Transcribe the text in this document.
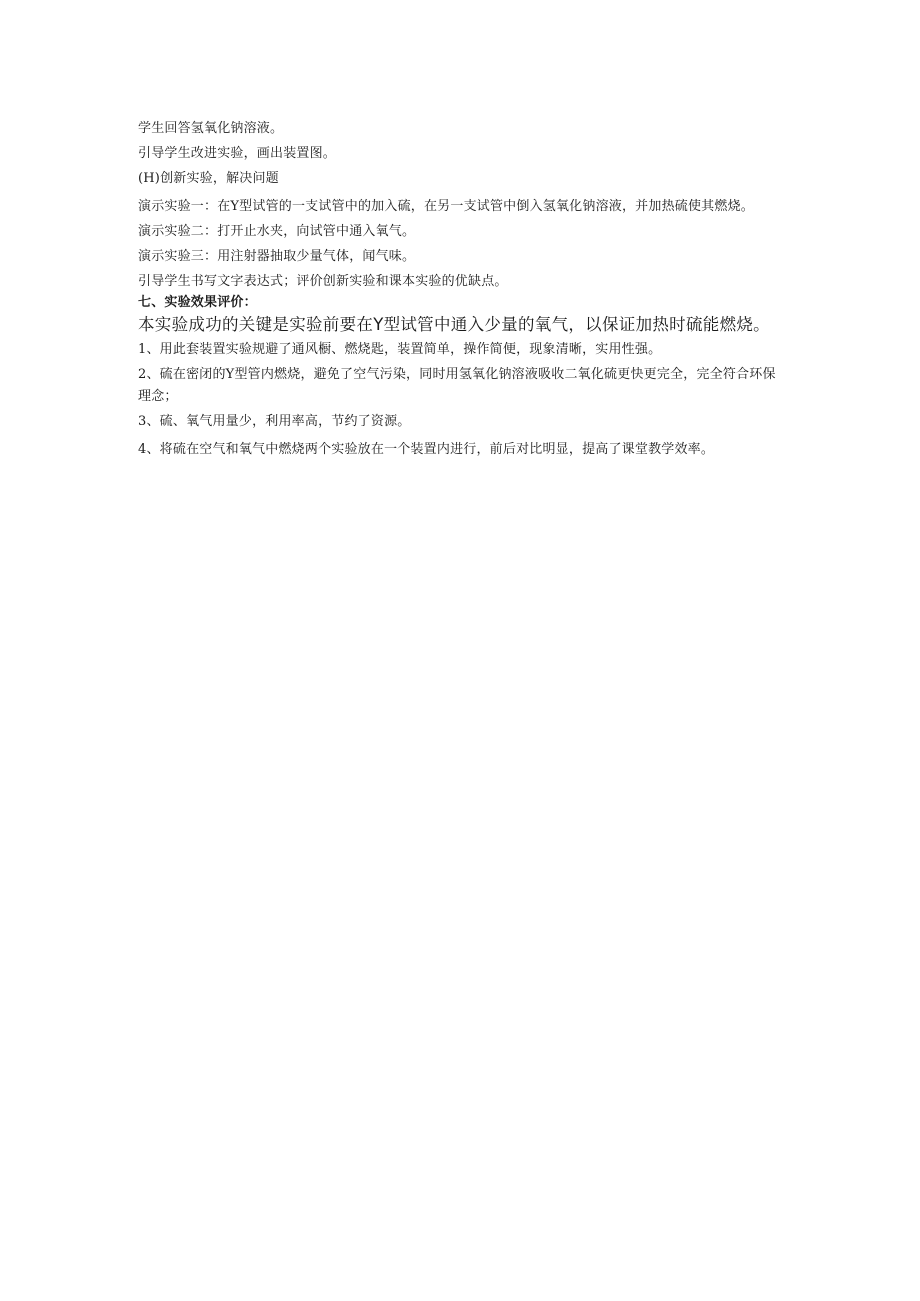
学生回答氢氧化钠溶液。

引导学生改进实验，画出装置图。

(H)创新实验，解决问题

演示实验一：在Y型试管的一支试管中的加入硫，在另一支试管中倒入氢氧化钠溶液，并加热硫使其燃烧。

演示实验二：打开止水夹，向试管中通入氧气。

演示实验三：用注射器抽取少量气体，闻气味。

引导学生书写文字表达式；评价创新实验和课本实验的优缺点。

七、实验效果评价：

本实验成功的关键是实验前要在Y型试管中通入少量的氧气，以保证加热时硫能燃烧。

1、用此套装置实验规避了通风橱、燃烧匙，装置简单，操作简便，现象清晰，实用性强。

2、硫在密闭的Y型管内燃烧，避免了空气污染，同时用氢氧化钠溶液吸收二氧化硫更快更完全，完全符合环保理念；

3、硫、氧气用量少，利用率高，节约了资源。

4、将硫在空气和氧气中燃烧两个实验放在一个装置内进行，前后对比明显，提高了课堂教学效率。
